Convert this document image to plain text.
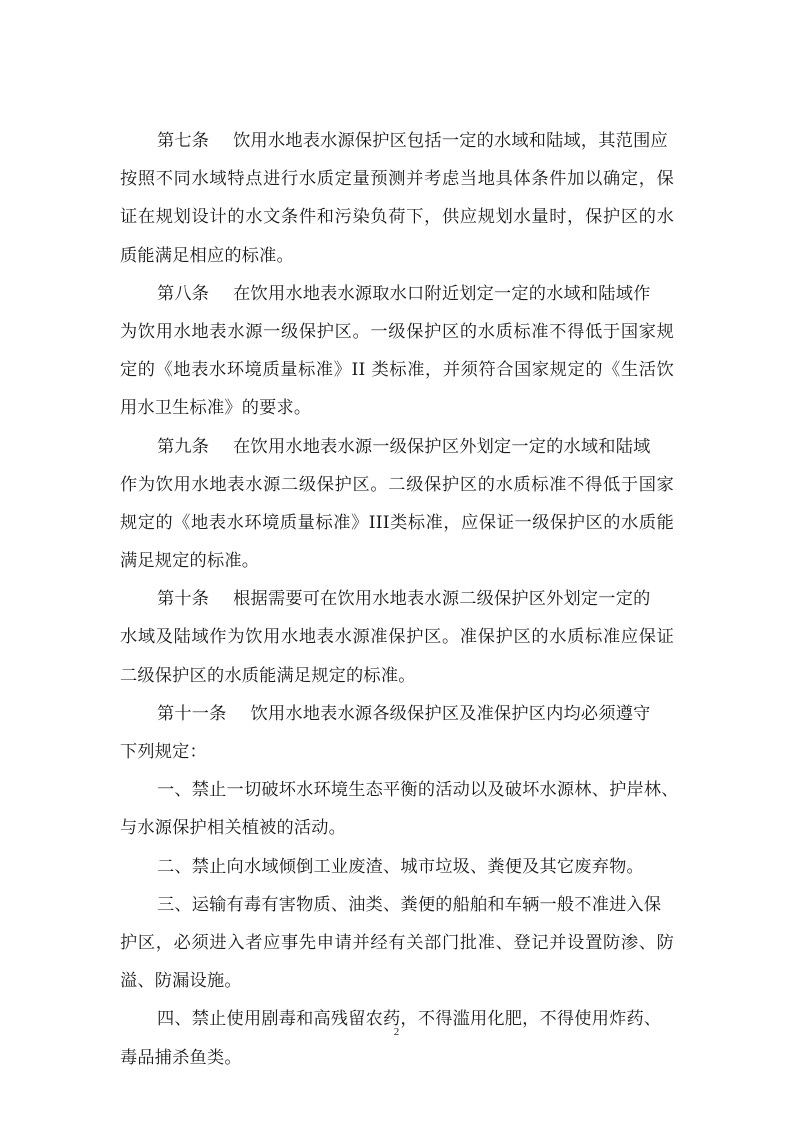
第七条 饮用水地表水源保护区包括一定的水域和陆域，其范围应
按照不同水域特点进行水质定量预测并考虑当地具体条件加以确定，保
证在规划设计的水文条件和污染负荷下，供应规划水量时，保护区的水
质能满足相应的标准。
第八条 在饮用水地表水源取水口附近划定一定的水域和陆域作
为饮用水地表水源一级保护区。一级保护区的水质标准不得低于国家规
定的《地表水环境质量标准》II 类标准，并须符合国家规定的《生活饮
用水卫生标准》的要求。
第九条 在饮用水地表水源一级保护区外划定一定的水域和陆域
作为饮用水地表水源二级保护区。二级保护区的水质标准不得低于国家
规定的《地表水环境质量标准》III类标准，应保证一级保护区的水质能
满足规定的标准。
第十条 根据需要可在饮用水地表水源二级保护区外划定一定的
水域及陆域作为饮用水地表水源准保护区。准保护区的水质标准应保证
二级保护区的水质能满足规定的标准。
第十一条 饮用水地表水源各级保护区及准保护区内均必须遵守
下列规定：
一、禁止一切破坏水环境生态平衡的活动以及破坏水源林、护岸林、
与水源保护相关植被的活动。
二、禁止向水域倾倒工业废渣、城市垃圾、粪便及其它废弃物。
三、运输有毒有害物质、油类、粪便的船舶和车辆一般不准进入保
护区，必须进入者应事先申请并经有关部门批准、登记并设置防渗、防
溢、防漏设施。
四、禁止使用剧毒和高残留农药，不得滥用化肥，不得使用炸药、
毒品捕杀鱼类。
2
